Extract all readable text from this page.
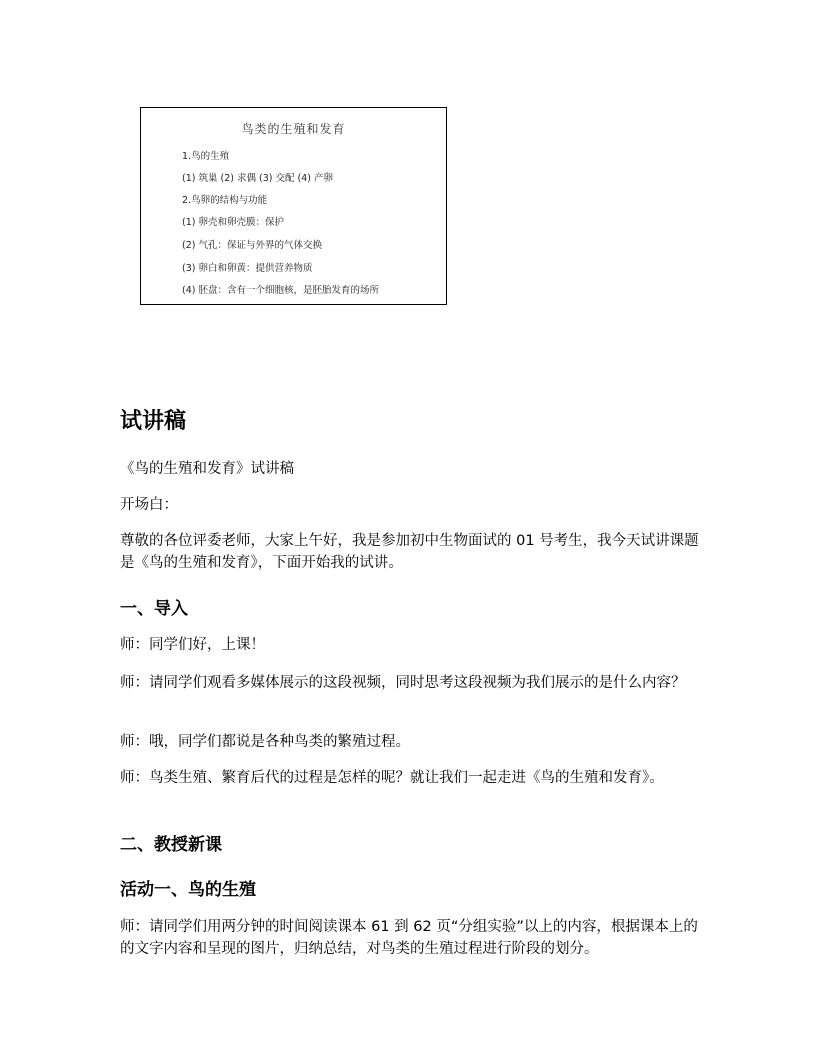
鸟类的生殖和发育
1.鸟的生殖
(1) 筑巢 (2) 求偶 (3) 交配 (4) 产卵
2.鸟卵的结构与功能
(1) 卵壳和卵壳膜：保护
(2) 气孔：保证与外界的气体交换
(3) 卵白和卵黄：提供营养物质
(4) 胚盘：含有一个细胞核，是胚胎发育的场所
试讲稿

《鸟的生殖和发育》试讲稿

开场白：

尊敬的各位评委老师，大家上午好，我是参加初中生物面试的 01 号考生，我今天试讲课题是《鸟的生殖和发育》，下面开始我的试讲。

一、导入

师：同学们好，上课！

师：请同学们观看多媒体展示的这段视频，同时思考这段视频为我们展示的是什么内容？

师：哦，同学们都说是各种鸟类的繁殖过程。

师：鸟类生殖、繁育后代的过程是怎样的呢？就让我们一起走进《鸟的生殖和发育》。

二、教授新课
活动一、鸟的生殖

师：请同学们用两分钟的时间阅读课本 61 到 62 页“分组实验”以上的内容，根据课本上的的文字内容和呈现的图片，归纳总结，对鸟类的生殖过程进行阶段的划分。
